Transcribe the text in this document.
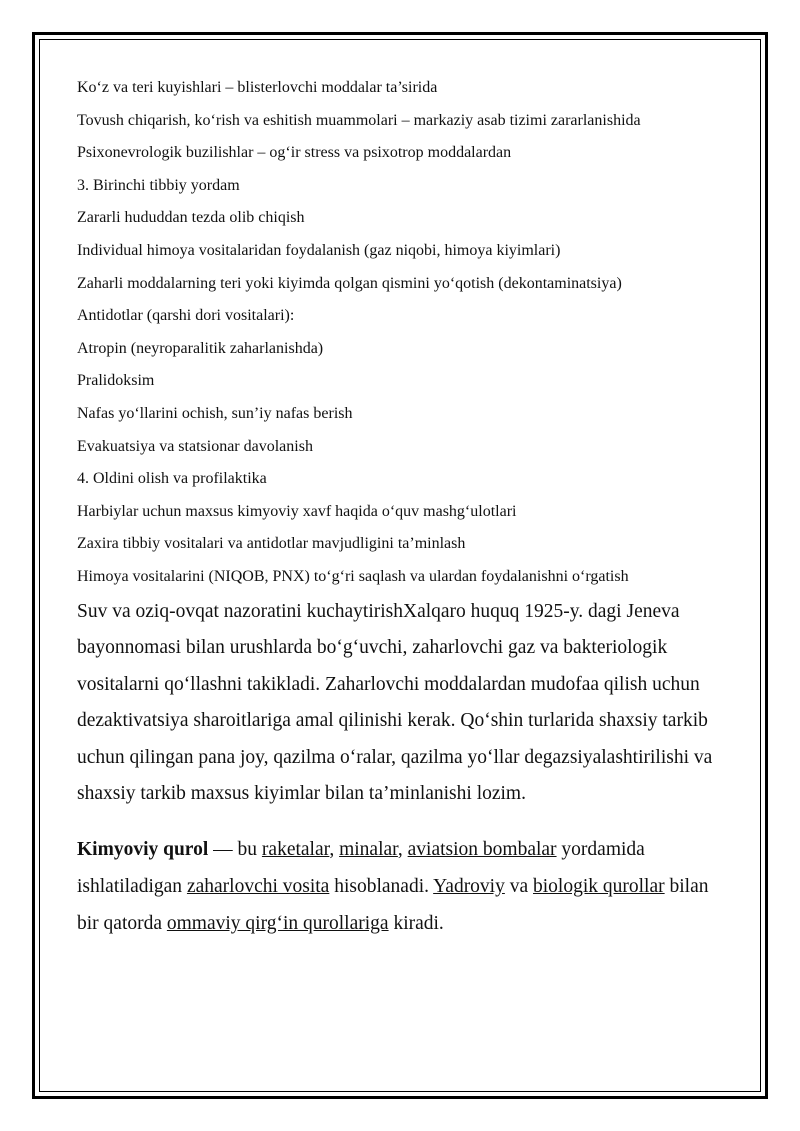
Ko‘z va teri kuyishlari – blisterlovchi moddalar ta’sirida

Tovush chiqarish, ko‘rish va eshitish muammolari – markaziy asab tizimi zararlanishida

Psixonevrologik buzilishlar – og‘ir stress va psixotrop moddalardan

3. Birinchi tibbiy yordam

Zararli hududdan tezda olib chiqish

Individual himoya vositalaridan foydalanish (gaz niqobi, himoya kiyimlari)

Zaharli moddalarning teri yoki kiyimda qolgan qismini yo‘qotish (dekontaminatsiya)

Antidotlar (qarshi dori vositalari):

Atropin (neyroparalitik zaharlanishda)

Pralidoksim

Nafas yo‘llarini ochish, sun’iy nafas berish

Evakuatsiya va statsionar davolanish

4. Oldini olish va profilaktika

Harbiylar uchun maxsus kimyoviy xavf haqida o‘quv mashg‘ulotlari

Zaxira tibbiy vositalari va antidotlar mavjudligini ta’minlash

Himoya vositalarini (NIQOB, PNX) to‘g‘ri saqlash va ulardan foydalanishni o‘rgatish

Suv va oziq-ovqat nazoratini kuchaytirishXalqaro huquq 1925-y. dagi Jeneva bayonnomasi bilan urushlarda bo‘g‘uvchi, zaharlovchi gaz va bakteriologik vositalarni qo‘llashni takikladi. Zaharlovchi moddalardan mudofaa qilish uchun dezaktivatsiya sharoitlariga amal qilinishi kerak. Qo‘shin turlarida shaxsiy tarkib uchun qilingan pana joy, qazilma o‘ralar, qazilma yo‘llar degazsiyalashtirilishi va shaxsiy tarkib maxsus kiyimlar bilan ta’minlanishi lozim.

Kimyoviy qurol — bu raketalar, minalar, aviatsion bombalar yordamida ishlatiladigan zaharlovchi vosita hisoblanadi. Yadroviy va biologik qurollar bilan bir qatorda ommaviy qirg‘in qurollariga kiradi.
